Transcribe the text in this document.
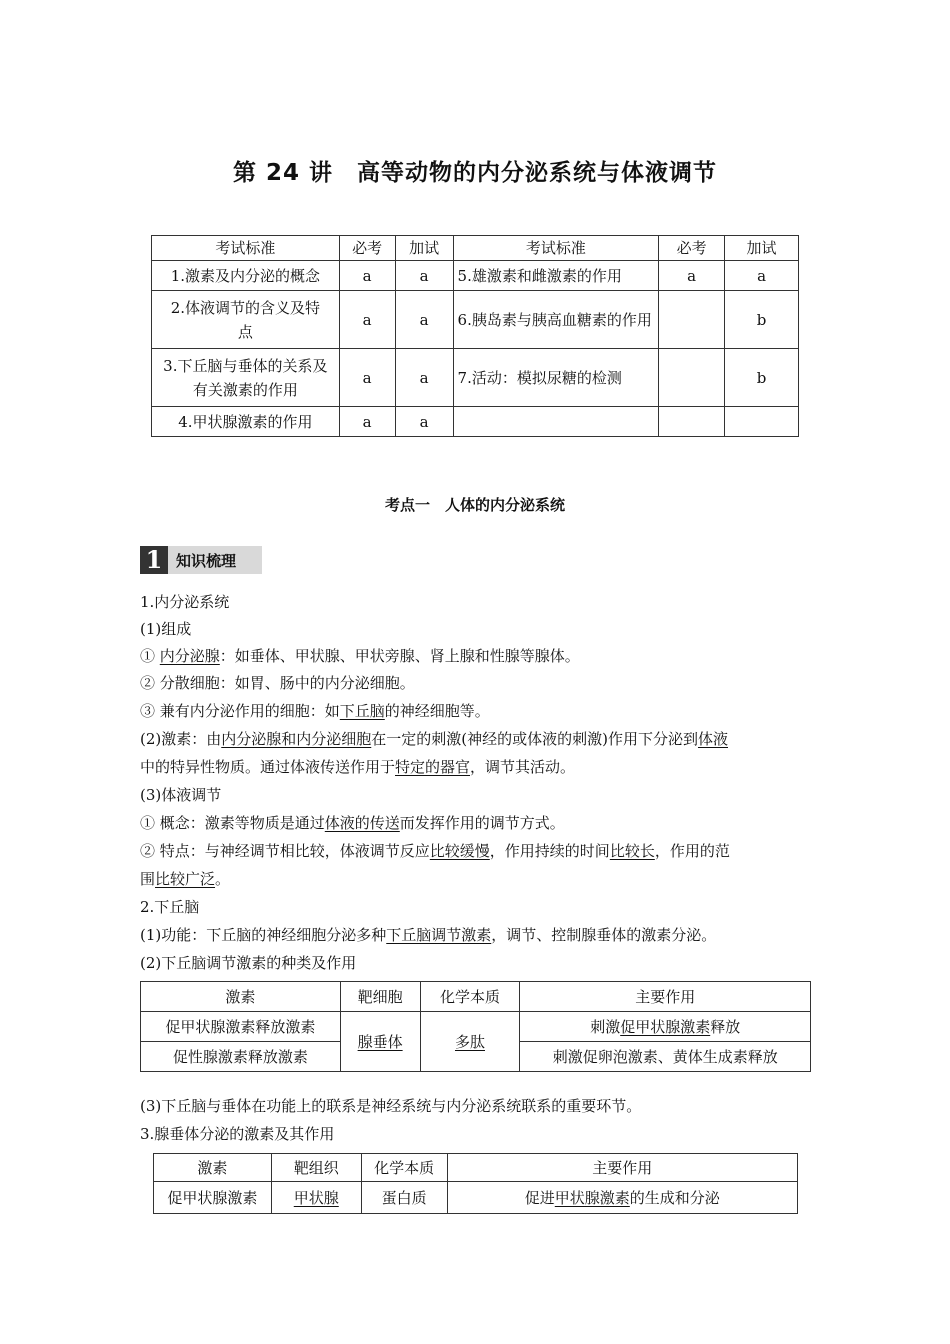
第 24 讲　高等动物的内分泌系统与体液调节
考试标准	必考	加试	考试标准	必考	加试
1.激素及内分泌的概念	a	a	5.雄激素和雌激素的作用	a	a
2.体液调节的含义及特点	a	a	6.胰岛素与胰高血糖素的作用		b
3.下丘脑与垂体的关系及有关激素的作用	a	a	7.活动：模拟尿糖的检测		b
4.甲状腺激素的作用	a	a			
考点一　人体的内分泌系统
1 知识梳理
1.内分泌系统
(1)组成
① 内分泌腺：如垂体、甲状腺、甲状旁腺、肾上腺和性腺等腺体。
② 分散细胞：如胃、肠中的内分泌细胞。
③ 兼有内分泌作用的细胞：如下丘脑的神经细胞等。
(2)激素：由内分泌腺和内分泌细胞在一定的刺激(神经的或体液的刺激)作用下分泌到体液
中的特异性物质。通过体液传送作用于特定的器官，调节其活动。
(3)体液调节
① 概念：激素等物质是通过体液的传送而发挥作用的调节方式。
② 特点：与神经调节相比较，体液调节反应比较缓慢，作用持续的时间比较长，作用的范
围比较广泛。
2.下丘脑
(1)功能：下丘脑的神经细胞分泌多种下丘脑调节激素，调节、控制腺垂体的激素分泌。
(2)下丘脑调节激素的种类及作用
激素	靶细胞	化学本质	主要作用
促甲状腺激素释放激素	腺垂体	多肽	刺激促甲状腺激素释放
促性腺激素释放激素			刺激促卵泡激素、黄体生成素释放
(3)下丘脑与垂体在功能上的联系是神经系统与内分泌系统联系的重要环节。
3.腺垂体分泌的激素及其作用
激素	靶组织	化学本质	主要作用
促甲状腺激素	甲状腺	蛋白质	促进甲状腺激素的生成和分泌
